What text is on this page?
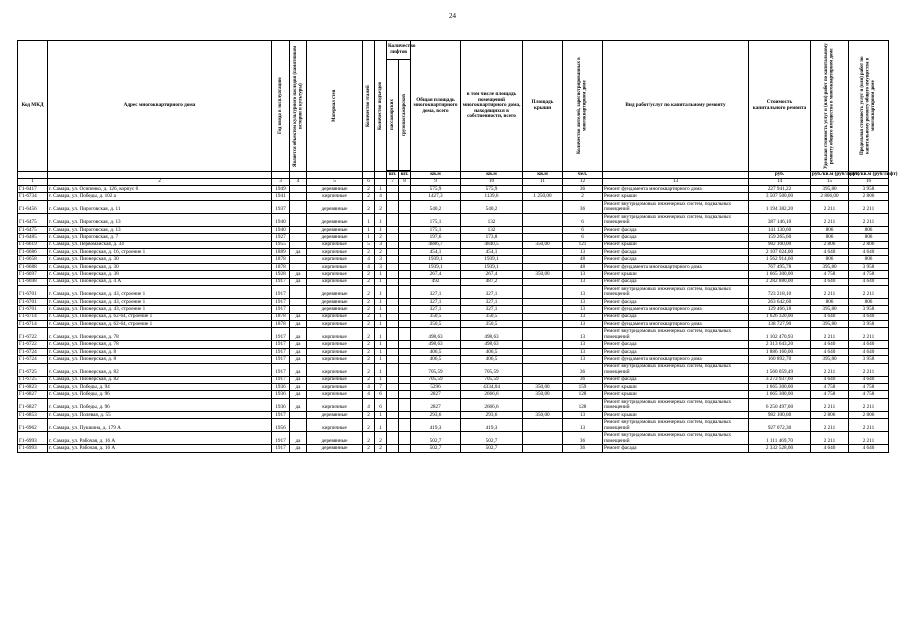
24
Код МКД	Адрес многоквартирного дома	Год ввода в эксплуатацию	Является объектом культурного наследия (памятником истории и культуры)	Материал стен	Количество этажей	Количество подъездов	Количество лифтов		Общая площадь многоквартирного дома, всего	в том числе площадь помещений многоквартирного дома, находящихся в собственности, всего	Площадь крыши	Количество жителей, зарегистрированных в многоквартирном доме	Вид работ/услуг по капитальному ремонту	Стоимость капитального ремонта	Удельная стоимость услуг и (или) работ по капитальному ремонту общего имущества в многоквартирном доме	Предельная стоимость услуг и (или) работ по капитальному ремонту общего имущества в многоквартирном доме

							пассажирских	грузопассажирских								

							шт.	шт.	кв.м	кв.м	кв.м	чел.		руб.	руб./кв.м (руб/лифт)	руб./кв.м (руб/лифт)
1	2	3	4	5	6		7	8	9	10	11	12	13	14	15	16
Г1-6417	г. Самара, ул. Осипенко, д. 126, корпус 6	1949		деревянные	2	1			575,9	575,9		36	Ремонт фундамента многоквартирного дома	227 941,22	395,80	3 958
Г1-6734	г. Самара, ул. Победы, д. 102 а	1941		кирпичные	2	4			1427,3	1139,6	1 250,00	2	Ремонт крыши	3 507 500,00	2 806,00	2 806
Г1-6456	г. Самара, ул. Пироговская, д. 11	1937		деревянные	2	2			540,2	540,2		36	Ремонт внутридомовых инженерных систем, подвальных помещений	1 194 382,20	2 211	2 211
Г1-6475	г. Самара, ул. Пироговская, д. 13	1940		деревянные	1	1			175,1	132		6	Ремонт внутридомовых инженерных систем, подвальных помещений	387 146,10	2 211	2 211
Г1-6475	г. Самара, ул. Пироговская, д. 13	1940		деревянные	1	1			175,1	132		6	Ремонт фасада	141 130,60	806	806
Г1-6485	г. Самара, ул. Пироговская, д. 7	1927		деревянные	1	2			197,6	173,8		6	Ремонт фасада	159 265,60	806	806
Г1-6619	г. Самара, ул. Первомайская, д. 34	1955		кирпичные	5	3			4886,7	4840,5	350,00	121	Ремонт крыши	982 100,00	2 806	2 806
Г1-6686	г. Самара, ул. Пионерская, д. 16, строение 1	1889	да	кирпичные	2	2			454,1	454,1		13	Ремонт фасада	2 107 024,00	4 640	4 640
Г1-6658	г. Самара, ул. Пионерская, д. 30	1878		кирпичные	4	3			1939,1	1939,1		48	Ремонт фасада	1 562 914,60	806	806
Г1-6688	г. Самара, ул. Пионерская, д. 30	1878		кирпичные	4	3			1939,1	1939,1		48	Ремонт фундамента многоквартирного дома	767 495,78	395,80	3 958
Г1-6697	г. Самара, ул. Пионерская, д. 38	1928	да	кирпичные	2	1			267,4	267,4	350,00	13	Ремонт крыши	1 665 300,00	4 758	4 758
Г1-6698	г. Самара, ул. Пионерская, д. 4 А	1917	да	кирпичные	2	1			492	487,2		13	Ремонт фасада	2 282 880,00	4 640	4 640
Г1-6701	г. Самара, ул. Пионерская, д. 43, строение 1	1917		деревянные	2	1			327,1	327,1		13	Ремонт внутридомовых инженерных систем, подвальных помещений	723 218,10	2 211	2 211
Г1-6701	г. Самара, ул. Пионерская, д. 43, строение 1	1917		деревянные	2	1			327,1	327,1		13	Ремонт фасада	263 642,60	806	806
Г1-6701	г. Самара, ул. Пионерская, д. 43, строение 1	1917		деревянные	2	1			327,1	327,1		13	Ремонт фундамента многоквартирного дома	129 466,18	395,80	3 958
Г1-6714	г. Самара, ул. Пионерская, д. 62-64, строение 1	1878	да	кирпичные	2	1			350,5	350,5		13	Ремонт фасада	1 626 320,00	4 640	4 640
Г1-6714	г. Самара, ул. Пионерская, д. 62-64, строение 1	1878	да	кирпичные	2	1			350,5	350,5		13	Ремонт фундамента многоквартирного дома	138 727,90	395,80	3 958
Г1-6722	г. Самара, ул. Пионерская, д. 78	1917	да	кирпичные	2	1			498,63	498,63		13	Ремонт внутридомовых инженерных систем, подвальных помещений	1 102 470,93	2 211	2 211
Г1-6722	г. Самара, ул. Пионерская, д. 78	1917	да	кирпичные	2	1			498,63	498,63		13	Ремонт фасада	2 313 643,20	4 640	4 640
Г1-6724	г. Самара, ул. Пионерская, д. 8	1917	да	кирпичные	2	1			406,5	406,5		13	Ремонт фасада	1 886 160,00	4 640	4 640
Г1-6724	г. Самара, ул. Пионерская, д. 8	1917	да	кирпичные	2	1			406,5	406,5		13	Ремонт фундамента многоквартирного дома	160 892,70	395,80	3 958
Г1-6725	г. Самара, ул. Пионерская, д. 82	1917	да	кирпичные	2	1			705,59	705,59		36	Ремонт внутридомовых инженерных систем, подвальных помещений	1 560 059,49	2 211	2 211
Г1-6725	г. Самара, ул. Пионерская, д. 82	1917	да	кирпичные	2	1			705,59	705,59		36	Ремонт фасада	3 273 937,60	4 640	4 640
Г1-6823	г. Самара, ул. Победы, д. 94	1936	да	кирпичные	4	7			5296	4334,04	350,00	159	Ремонт крыши	1 665 300,00	4 758	4 758
Г1-6827	г. Самара, ул. Победы, д. 96	1936	да	кирпичные	4	6			2827	2666,6	350,00	128	Ремонт крыши	1 665 300,00	4 758	4 758
Г1-6827	г. Самара, ул. Победы, д. 96	1936	да	кирпичные	4	6			2827	2666,6		128	Ремонт внутридомовых инженерных систем, подвальных помещений	6 250 497,00	2 211	2 211
Г1-6853	г. Самара, ул. Полевая, д. 55	1917		деревянные	2	1			293,6	293,6	350,00	13	Ремонт крыши	982 100,00	2 806	2 806
Г1-6962	г. Самара, ул. Пушкина, д. 179 А	1956		кирпичные	2	1			419,3	419,3		13	Ремонт внутридомовых инженерных систем, подвальных помещений	927 072,30	2 211	2 211
Г1-6993	г. Самара, ул. Рабочая, д. 16 А	1917	да	деревянные	2	2			502,7	502,7		36	Ремонт внутридомовых инженерных систем, подвальных помещений	1 111 469,70	2 211	2 211
Г1-6993	г. Самара, ул. Рабочая, д. 16 А	1917	да	деревянные	2	2			502,7	502,7		36	Ремонт фасада	2 332 528,00	4 640	4 640
